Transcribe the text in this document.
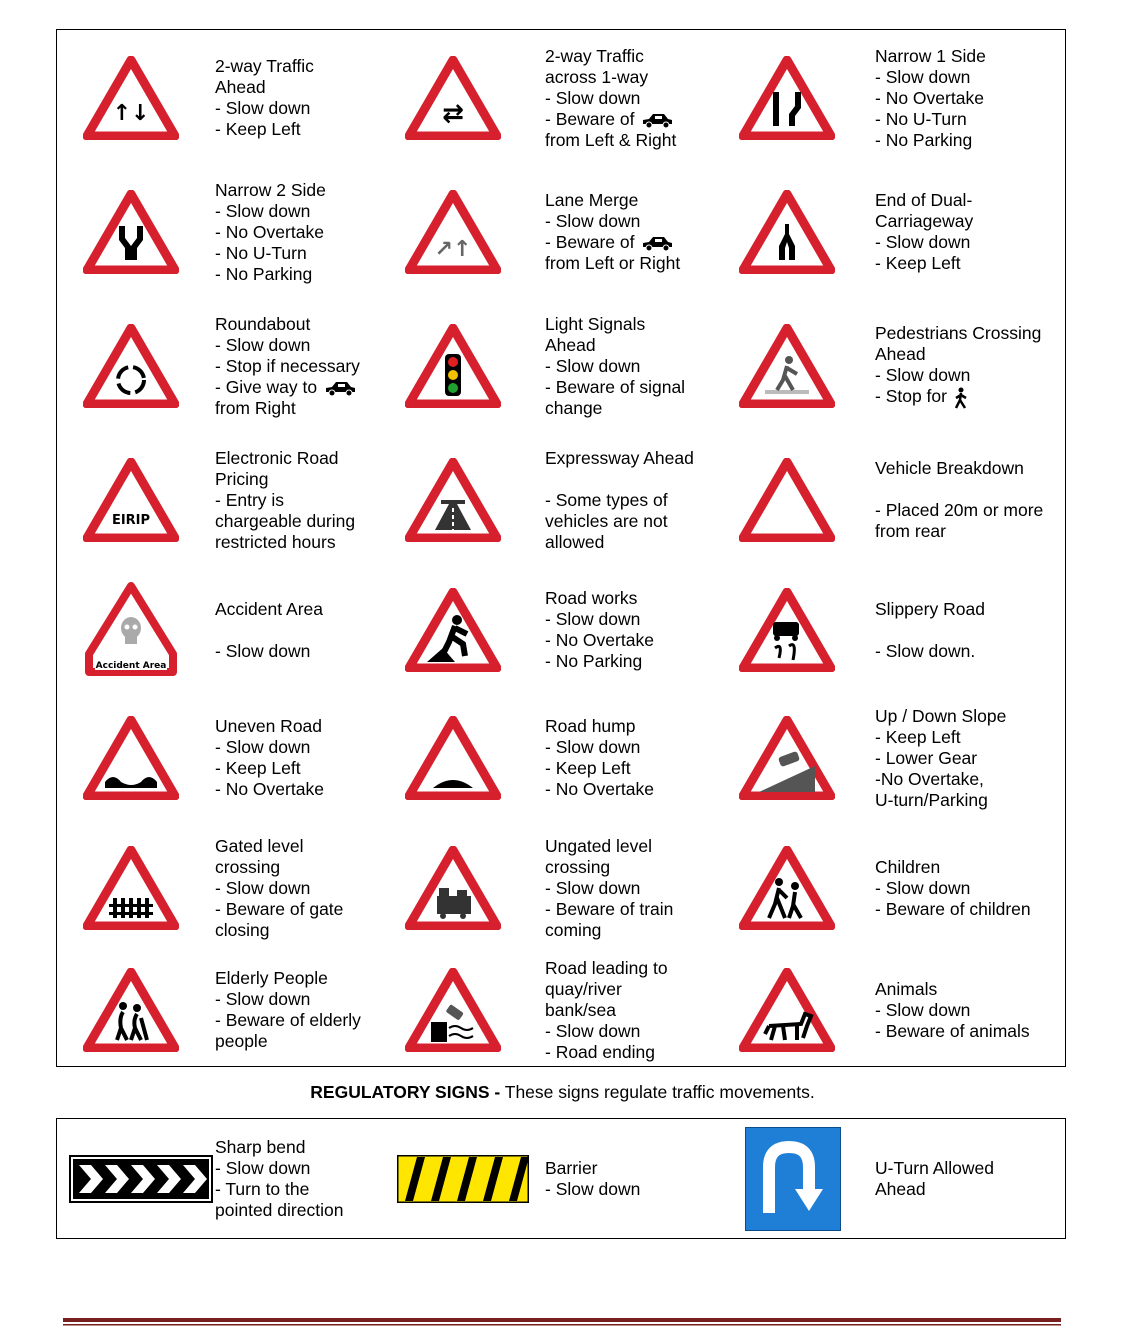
↑↓
2-way Traffic
Ahead
- Slow down
- Keep Left	⇄
2-way Traffic
across 1-way
- Slow down
- Beware of
from Left & Right
Narrow 1 Side
- Slow down
- No Overtake
- No U-Turn
- No Parking
Narrow 2 Side
- Slow down
- No Overtake
- No U-Turn
- No Parking
↗↑
Lane Merge
- Slow down
- Beware of
from Left or Right
End of Dual-
Carriageway
- Slow down
- Keep Left
Roundabout
- Slow down
- Stop if necessary
- Give way to
from Right
Light Signals
Ahead
- Slow down
- Beware of signal
change
Pedestrians Crossing
Ahead
- Slow down
- Stop for
EIRIP
Electronic Road
Pricing
- Entry is
chargeable during
restricted hours
Expressway Ahead
- Some types of
vehicles are not
allowed
Vehicle Breakdown
- Placed 20m or more
from rear
Accident Area
Accident Area
- Slow down
Road works
- Slow down
- No Overtake
- No Parking
Slippery Road
- Slow down.
Uneven Road
- Slow down
- Keep Left
- No Overtake
Road hump
- Slow down
- Keep Left
- No Overtake
Up / Down Slope
- Keep Left
- Lower Gear
-No Overtake,
U-turn/Parking
Gated level
crossing
- Slow down
- Beware of gate
closing
Ungated level
crossing
- Slow down
- Beware of train
coming
Children
- Slow down
- Beware of children
Elderly People
- Slow down
- Beware of elderly
people
Road leading to
quay/river
bank/sea
- Slow down
- Road ending
Animals
- Slow down
- Beware of animals
REGULATORY SIGNS - These signs regulate traffic movements.
Sharp bend
- Slow down
- Turn to the
pointed direction
Barrier
- Slow down
U-Turn Allowed
Ahead
